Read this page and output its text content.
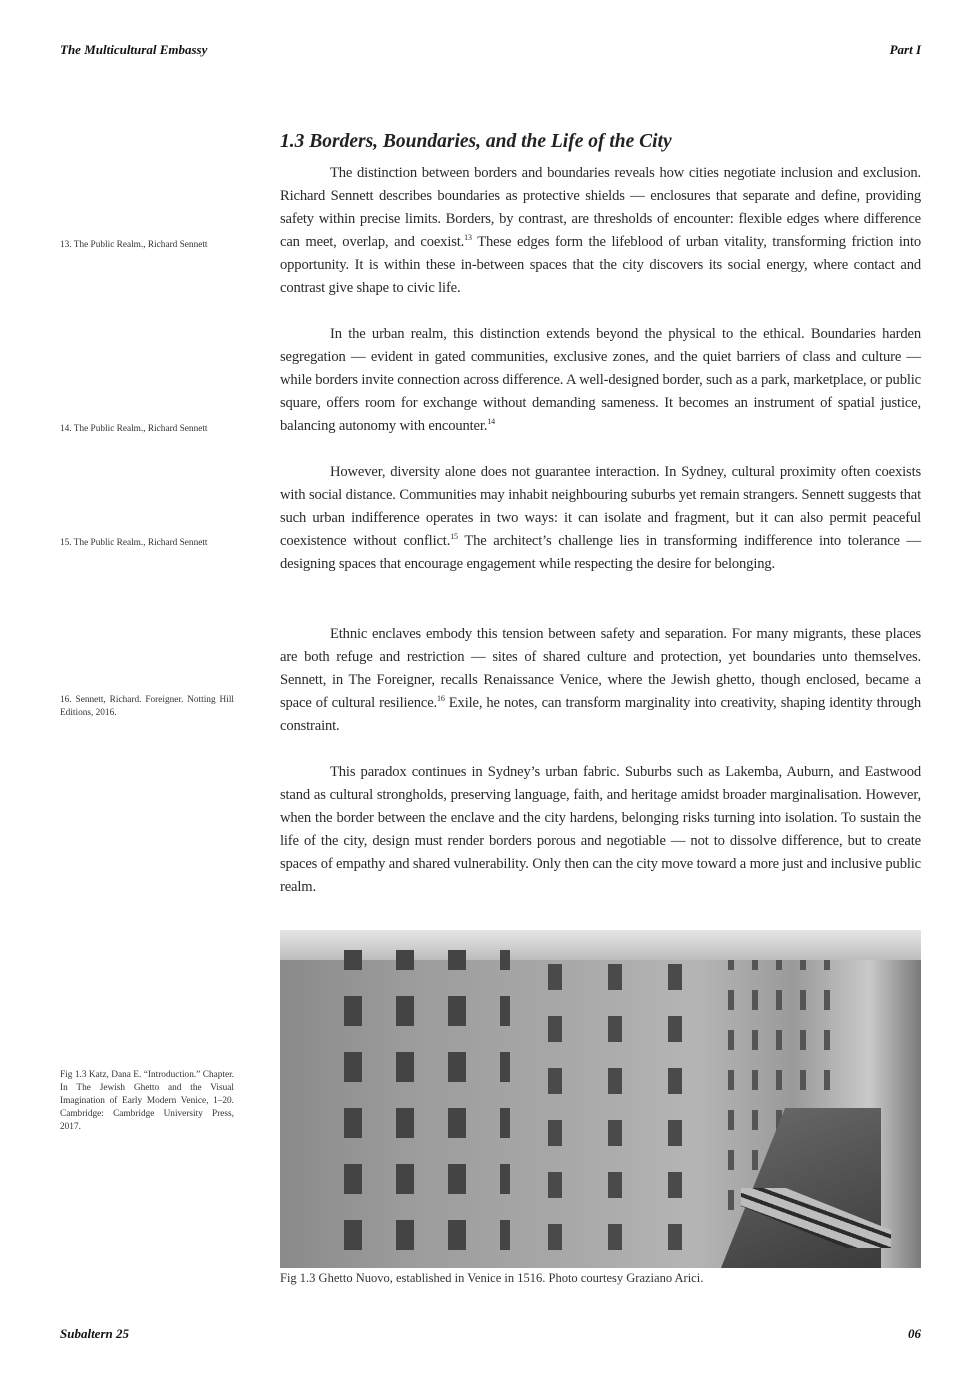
The Multicultural Embassy	Part I
1.3 Borders, Boundaries, and the Life of the City

The distinction between borders and boundaries reveals how cities negotiate inclusion and exclusion. Richard Sennett describes boundaries as protective shields — enclosures that separate and define, providing safety within precise limits. Borders, by contrast, are thresholds of encounter: flexible edges where difference can meet, overlap, and coexist.$^{13}$ These edges form the lifeblood of urban vitality, transforming friction into opportunity. It is within these in-between spaces that the city discovers its social energy, where contact and contrast give shape to civic life.

In the urban realm, this distinction extends beyond the physical to the ethical. Boundaries harden segregation — evident in gated communities, exclusive zones, and the quiet barriers of class and culture — while borders invite connection across difference. A well-designed border, such as a park, marketplace, or public square, offers room for exchange without demanding sameness. It becomes an instrument of spatial justice, balancing autonomy with encounter.$^{14}$

However, diversity alone does not guarantee interaction. In Sydney, cultural proximity often coexists with social distance. Communities may inhabit neighbouring suburbs yet remain strangers. Sennett suggests that such urban indifference operates in two ways: it can isolate and fragment, but it can also permit peaceful coexistence without conflict.$^{15}$ The architect’s challenge lies in transforming indifference into tolerance — designing spaces that encourage engagement while respecting the desire for belonging.

Ethnic enclaves embody this tension between safety and separation. For many migrants, these places are both refuge and restriction — sites of shared culture and protection, yet boundaries unto themselves. Sennett, in The Foreigner, recalls Renaissance Venice, where the Jewish ghetto, though enclosed, became a space of cultural resilience.$^{16}$ Exile, he notes, can transform marginality into creativity, shaping identity through constraint.

This paradox continues in Sydney’s urban fabric. Suburbs such as Lakemba, Auburn, and Eastwood stand as cultural strongholds, preserving language, faith, and heritage amidst broader marginalisation. However, when the border between the enclave and the city hardens, belonging risks turning into isolation. To sustain the life of the city, design must render borders porous and negotiable — not to dissolve difference, but to create spaces of empathy and shared vulnerability. Only then can the city move toward a more just and inclusive public realm.

13. The Public Realm., Richard Sennett
14. The Public Realm., Richard Sennett
15. The Public Realm., Richard Sennett
16. Sennett, Richard. Foreigner. Notting Hill Editions, 2016.
Fig 1.3 Katz, Dana E. “Introduction.” Chapter. In The Jewish Ghetto and the Visual Imagination of Early Modern Venice, 1–20. Cambridge: Cambridge University Press, 2017.
Fig 1.3 Ghetto Nuovo, established in Venice in 1516. Photo courtesy Graziano Arici.
Subaltern 25	06
